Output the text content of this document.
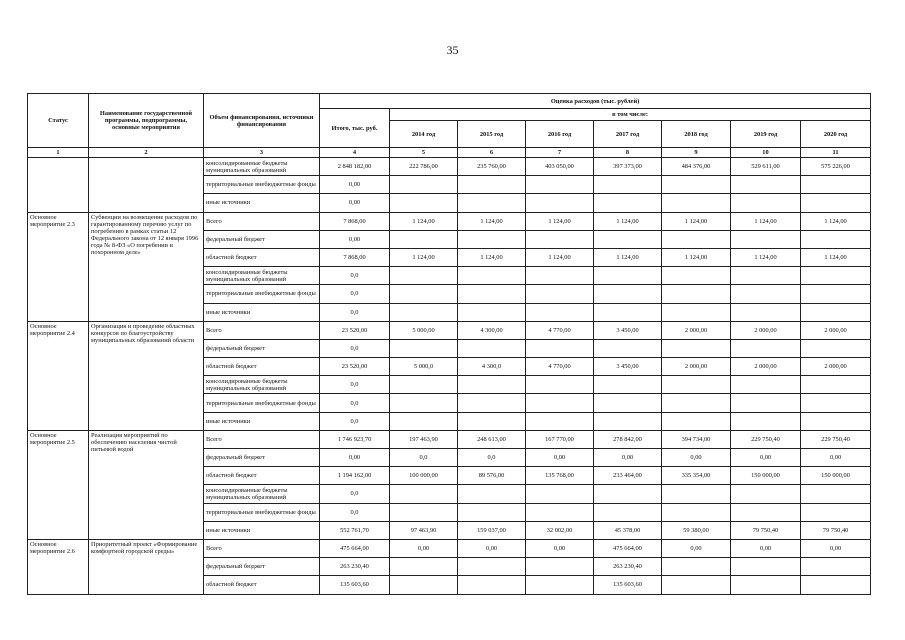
35
Статус	Наименование государственной программы, подпрограммы, основные мероприятия	Объем финансирования, источники финансирования	Оценка расходов (тыс. рублей)							
			Итого, тыс. руб.	в том числе:						
				2014 год	2015 год	2016 год	2017 год	2018 год	2019 год	2020 год
1	2	3	4	5	6	7	8	9	10	11
		консолидированные бюджеты муниципальных образований	2 848 182,00	222 786,00	235 760,00	403 050,00	397 373,00	484 376,00	529 611,00	575 226,00
		территориальные внебюджетные фонды	0,00							
		иные источники	0,00							
Основное мероприятие 2.3	Субвенции на возмещение расходов по гарантированному перечню услуг по погребению в рамках статьи 12 Федерального закона от 12 января 1996 года № 8-ФЗ «О погребении и похоронном деле»	Всего	7 868,00	1 124,00	1 124,00	1 124,00	1 124,00	1 124,00	1 124,00	1 124,00
		федеральный бюджет	0,00							
		областной бюджет	7 868,00	1 124,00	1 124,00	1 124,00	1 124,00	1 124,00	1 124,00	1 124,00
		консолидированные бюджеты муниципальных образований	0,0							
		территориальные внебюджетные фонды	0,0							
		иные источники	0,0							
Основное мероприятие 2.4	Организация и проведение областных конкурсов по благоустройству муниципальных образований области	Всего	23 520,00	5 000,00	4 300,00	4 770,00	3 450,00	2 000,00	2 000,00	2 000,00
		федеральный бюджет	0,0							
		областной бюджет	23 520,00	5 000,0	4 300,0	4 770,00	3 450,00	2 000,00	2 000,00	2 000,00
		консолидированные бюджеты муниципальных образований	0,0							
		территориальные внебюджетные фонды	0,0							
		иные источники	0,0							
Основное мероприятие 2.5	Реализация мероприятий по обеспечению населения чистой питьевой водой	Всего	1 746 923,70	197 463,90	248 613,00	167 770,00	278 842,00	394 734,00	229 750,40	229 750,40
		федеральный бюджет	0,00	0,0	0,0	0,00	0,00	0,00	0,00	0,00
		областной бюджет	1 194 162,00	100 000,00	89 576,00	135 768,00	233 464,00	335 354,00	150 000,00	150 000,00
		консолидированные бюджеты муниципальных образований	0,0							
		территориальные внебюджетные фонды	0,0							
		иные источники	552 761,70	97 463,90	159 037,00	32 002,00	45 378,00	59 380,00	79 750,40	79 750,40
Основное мероприятие 2.6	Приоритетный проект «Формирование комфортной городской среды»	Всего	475 664,00	0,00	0,00	0,00	475 664,00	0,00	0,00	0,00
		федеральный бюджет	263 230,40				263 230,40			
		областной бюджет	135 603,60				135 603,60			
